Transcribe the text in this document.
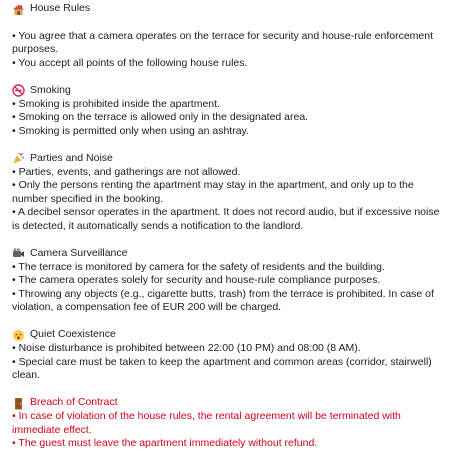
House Rules

• You agree that a camera operates on the terrace for security and house-rule enforcement purposes.

• You accept all points of the following house rules.

Smoking

• Smoking is prohibited inside the apartment.

• Smoking on the terrace is allowed only in the designated area.

• Smoking is permitted only when using an ashtray.

Parties and Noise

• Parties, events, and gatherings are not allowed.

• Only the persons renting the apartment may stay in the apartment, and only up to the number specified in the booking.

• A decibel sensor operates in the apartment. It does not record audio, but if excessive noise is detected, it automatically sends a notification to the landlord.

Camera Surveillance

• The terrace is monitored by camera for the safety of residents and the building.

• The camera operates solely for security and house-rule compliance purposes.

• Throwing any objects (e.g., cigarette butts, trash) from the terrace is prohibited. In case of violation, a compensation fee of EUR 200 will be charged.

Quiet Coexistence

• Noise disturbance is prohibited between 22:00 (10 PM) and 08:00 (8 AM).

• Special care must be taken to keep the apartment and common areas (corridor, stairwell) clean.

Breach of Contract

• In case of violation of the house rules, the rental agreement will be terminated with immediate effect.

• The guest must leave the apartment immediately without refund.
